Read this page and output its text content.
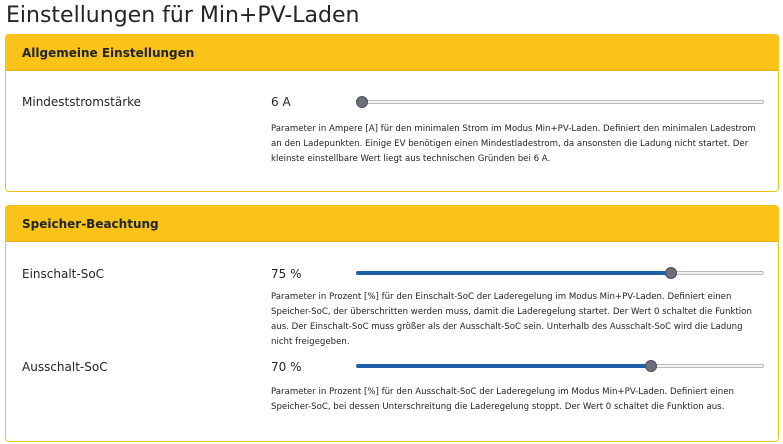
Einstellungen für Min+PV-Laden
Allgemeine Einstellungen
Mindeststromstärke	6 A
Parameter in Ampere [A] für den minimalen Strom im Modus Min+PV-Laden. Definiert den minimalen Ladestrom an den Ladepunkten. Einige EV benötigen einen Mindestladestrom, da ansonsten die Ladung nicht startet. Der kleinste einstellbare Wert liegt aus technischen Gründen bei 6 A.
Speicher-Beachtung
Einschalt-SoC	75 %
Parameter in Prozent [%] für den Einschalt-SoC der Laderegelung im Modus Min+PV-Laden. Definiert einen Speicher-SoC, der überschritten werden muss, damit die Laderegelung startet. Der Wert 0 schaltet die Funktion aus. Der Einschalt-SoC muss größer als der Ausschalt-SoC sein. Unterhalb des Ausschalt-SoC wird die Ladung nicht freigegeben.
Ausschalt-SoC	70 %
Parameter in Prozent [%] für den Ausschalt-SoC der Laderegelung im Modus Min+PV-Laden. Definiert einen Speicher-SoC, bei dessen Unterschreitung die Laderegelung stoppt. Der Wert 0 schaltet die Funktion aus.
